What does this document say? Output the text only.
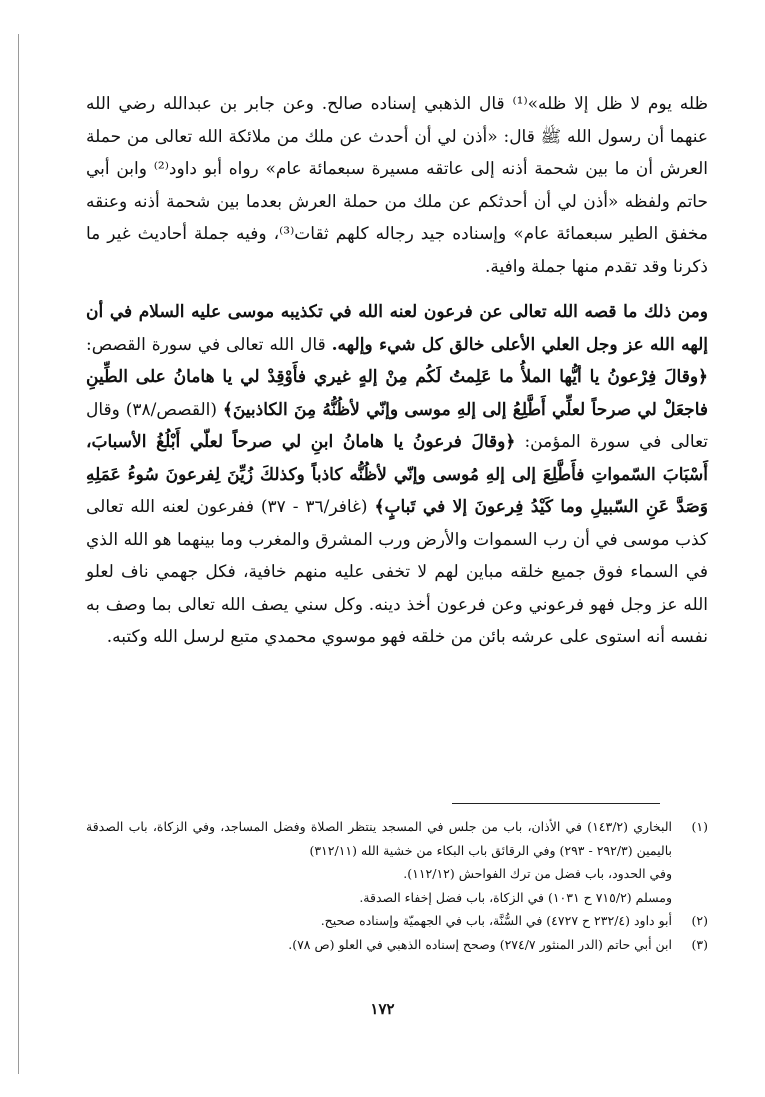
ظله يوم لا ظل إلا ظله»⁽¹⁾ قال الذهبي إسناده صالح. وعن جابر بن عبدالله رضي الله عنهما أن رسول الله ﷺ قال: «أذن لي أن أحدث عن ملك من ملائكة الله تعالى من حملة العرش أن ما بين شحمة أذنه إلى عاتقه مسيرة سبعمائة عام» رواه أبو داود⁽²⁾ وابن أبي حاتم ولفظه «أذن لي أن أحدثكم عن ملك من حملة العرش بعدما بين شحمة أذنه وعنقه مخفق الطير سبعمائة عام» وإسناده جيد رجاله كلهم ثقات⁽³⁾، وفيه جملة أحاديث غير ما ذكرنا وقد تقدم منها جملة وافية.

ومن ذلك ما قصه الله تعالى عن فرعون لعنه الله في تكذيبه موسى عليه السلام في أن إلهه الله عز وجل العلي الأعلى خالق كل شيء وإلهه. قال الله تعالى في سورة القصص: ﴿وقالَ فِرْعونُ يا أيُّها الملأُ ما عَلِمتُ لَكُم مِنْ إلهٍ غيري فأَوْقِدْ لي يا هامانُ على الطِّينِ فاجعَلْ لي صرحاً لعلِّي أَطَّلِعُ إلى إلهِ موسى وإنّي لأظُنُّهُ مِنَ الكاذبينَ﴾ (القصص/٣٨) وقال تعالى في سورة المؤمن: ﴿وقالَ فرعونُ يا هامانُ ابنِ لي صرحاً لعلّي أَبْلُغُ الأسبابَ، أَسْبَابَ السّمواتِ فأَطَّلِعَ إلى إلهِ مُوسى وإنّي لأظُنُّه كاذباً وكذلكَ زُيِّنَ لِفرعونَ سُوءُ عَمَلِهِ وَصَدَّ عَنِ السّبيلِ وما كَيْدُ فِرعونَ إلا في تَبابٍ﴾ (غافر/٣٦ - ٣٧) ففرعون لعنه الله تعالى كذب موسى في أن رب السموات والأرض ورب المشرق والمغرب وما بينهما هو الله الذي في السماء فوق جميع خلقه مباين لهم لا تخفى عليه منهم خافية، فكل جهمي ناف لعلو الله عز وجل فهو فرعوني وعن فرعون أخذ دينه. وكل سني يصف الله تعالى بما وصف به نفسه أنه استوى على عرشه بائن من خلقه فهو موسوي محمدي متبع لرسل الله وكتبه.

(١)
البخاري (١٤٣/٢) في الأذان، باب من جلس في المسجد ينتظر الصلاة وفضل المساجد، وفي الزكاة، باب الصدقة باليمين (٢٩٢/٣ - ٢٩٣) وفي الرقائق باب البكاء من خشية الله (٣١٢/١١)
وفي الحدود، باب فضل من ترك الفواحش (١١٢/١٢).
ومسلم (٧١٥/٢ ح ١٠٣١) في الزكاة، باب فضل إخفاء الصدقة.
(٢)
أبو داود (٢٣٢/٤ ح ٤٧٢٧) في السُّنَّة، باب في الجهميّة وإسناده صحيح.
(٣)
ابن أبي حاتم (الدر المنثور ٢٧٤/٧) وصحح إسناده الذهبي في العلو (ص ٧٨).
١٧٢
